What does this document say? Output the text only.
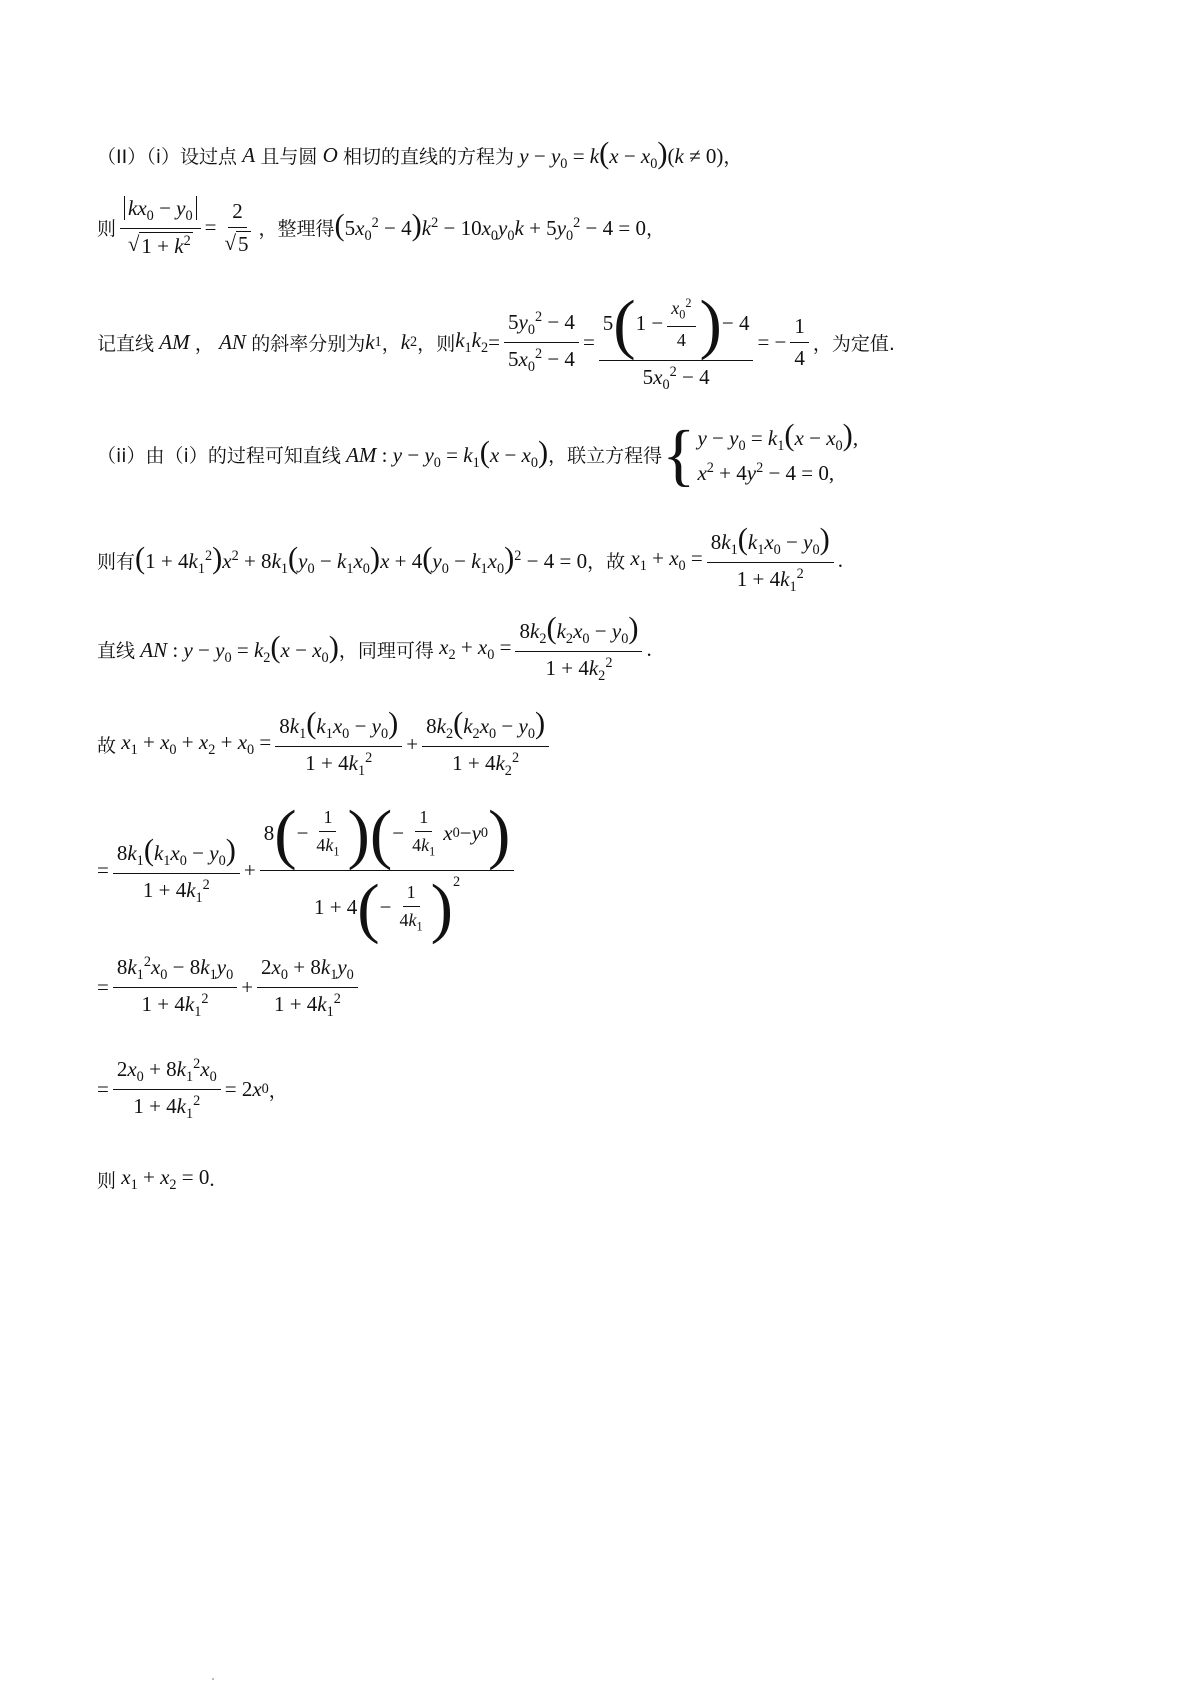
（II）（i） 设过点 A 且与圆 O 相切的直线的方程为 $y - y_0 = k(x - x_0)(k \ne 0)$ ，
则 $\frac{kx_0 - y_0}{√ 1 + k^2} = \frac{2}{√ 5}$ ， 整理得 $(5x_0^2 - 4)k^2 - 10x_0y_0k + 5y_0^2 - 4 = 0$ ，
记直线 AM ， AN 的斜率分别为 k 1 ， k 2 ， 则 $k_1k_2 = \frac{5y_0^2 - 4}{5x_0^2 - 4} = \frac{5 ( 1 - \frac{x_0^2}{4} ) - 4}{5x_0^2 - 4}$ = − $\frac{1}{4}$ ， 为定值.
（ii）由（i）的过程可知直线 AM : $y - y_0 = k_1(x - x_0)$ ， 联立方程得 { $y - y_0 = k_1(x - x_0)$,
$x^2 + 4y^2 - 4 = 0$,
则有 $(1 + 4k_1^2)x^2 + 8k_1(y_0 - k_1x_0)x + 4(y_0 - k_1x_0)^2 - 4 = 0$ ， 故 $x_1 + x_0 = \frac{8k_1(k_1x_0 - y_0)}{1 + 4k_1^2}$ .
直线 AN : $y - y_0 = k_2(x - x_0)$ ， 同理可得 $x_2 + x_0 = \frac{8k_2(k_2x_0 - y_0)}{1 + 4k_2^2}$ .
故 $x_1 + x_0 + x_2 + x_0 = \frac{8k_1(k_1x_0 - y_0)}{1 + 4k_1^2} + \frac{8k_2(k_2x_0 - y_0)}{1 + 4k_2^2}$
= $\frac{8k_1(k_1x_0 - y_0)}{1 + 4k_1^2} + \frac{8 ( - \frac{1}{4k_1} ) ( - \frac{1}{4k_1} x 0 - y 0 )}{1 + 4 ( - \frac{1}{4k_1} )^2}$
= $\frac{8k_1^2x_0 - 8k_1y_0}{1 + 4k_1^2} + \frac{2x_0 + 8k_1y_0}{1 + 4k_1^2}$
= $\frac{2x_0 + 8k_1^2x_0}{1 + 4k_1^2} = 2$ x 0 ，
则 $x_1 + x_2 = 0$ .
